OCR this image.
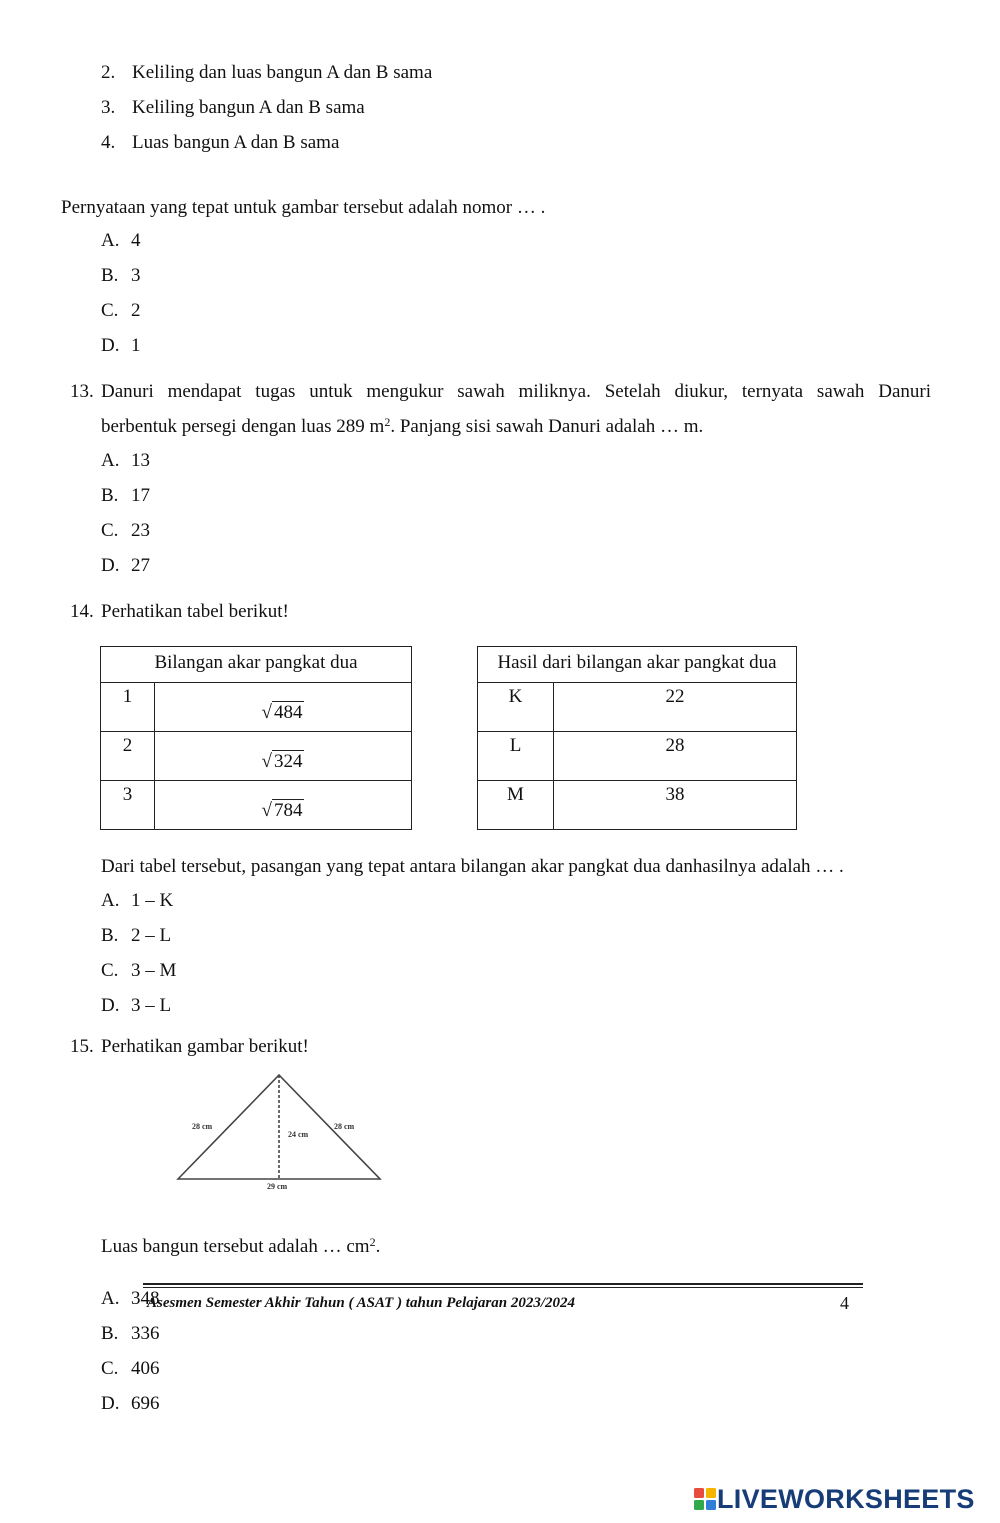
2. Keliling dan luas bangun A dan B sama
3. Keliling bangun A dan B sama
4. Luas bangun A dan B sama
Pernyataan yang tepat untuk gambar tersebut adalah nomor … .
A. 4
B. 3
C. 2
D. 1
13. Danuri mendapat tugas untuk mengukur sawah miliknya. Setelah diukur, ternyata sawah Danuri
berbentuk persegi dengan luas 289 $m^2$. Panjang sisi sawah Danuri adalah … m.
A. 13
B. 17
C. 23
D. 27
14. Perhatikan tabel berikut!
Bilangan akar pangkat dua	
1	√ 484

2	√ 324

3	√ 784
Hasil dari bilangan akar pangkat dua	
K	22
L	28
M	38
Dari tabel tersebut, pasangan yang tepat antara bilangan akar pangkat dua danhasilnya adalah … .
A. 1 – K
B. 2 – L
C. 3 – M
D. 3 – L
15. Perhatikan gambar berikut!
28 cm	28 cm
24 cm
29 cm
Luas bangun tersebut adalah … $cm^2$.
A. 348
B. 336
C. 406
D. 696
Asesmen Semester Akhir Tahun ( ASAT ) tahun Pelajaran 2023/2024	4
LIVEWORKSHEETS
